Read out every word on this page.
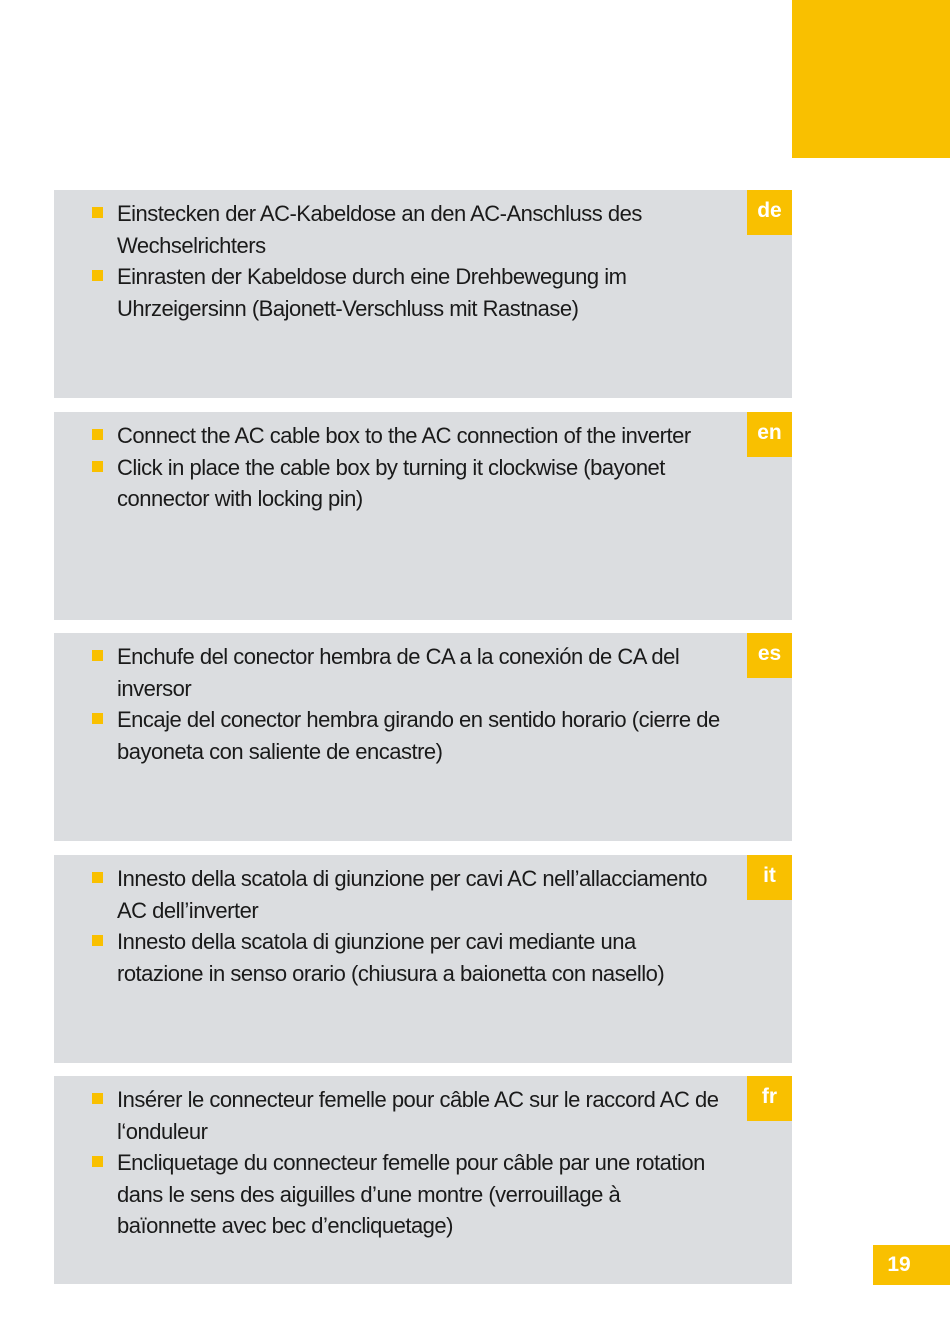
Einstecken der AC-Kabeldose an den AC-Anschluss des Wechselrichters
Einrasten der Kabeldose durch eine Drehbewegung im Uhrzeigersinn (Bajonett-Verschluss mit Rastnase)
de
Connect the AC cable box to the AC connection of the inverter
Click in place the cable box by turning it clockwise (bayonet connector with locking pin)
en
Enchufe del conector hembra de CA a la conexión de CA del inversor
Encaje del conector hembra girando en sentido horario (cierre de bayoneta con saliente de encastre)
es
Innesto della scatola di giunzione per cavi AC nell’allacciamento AC dell’inverter
Innesto della scatola di giunzione per cavi mediante una rotazione in senso orario (chiusura a baionetta con nasello)
it
Insérer le connecteur femelle pour câble AC sur le raccord AC de l‘onduleur
Encliquetage du connecteur femelle pour câble par une rotation dans le sens des aiguilles d’une montre (verrouillage à baïonnette avec bec d’encliquetage)
fr
19
